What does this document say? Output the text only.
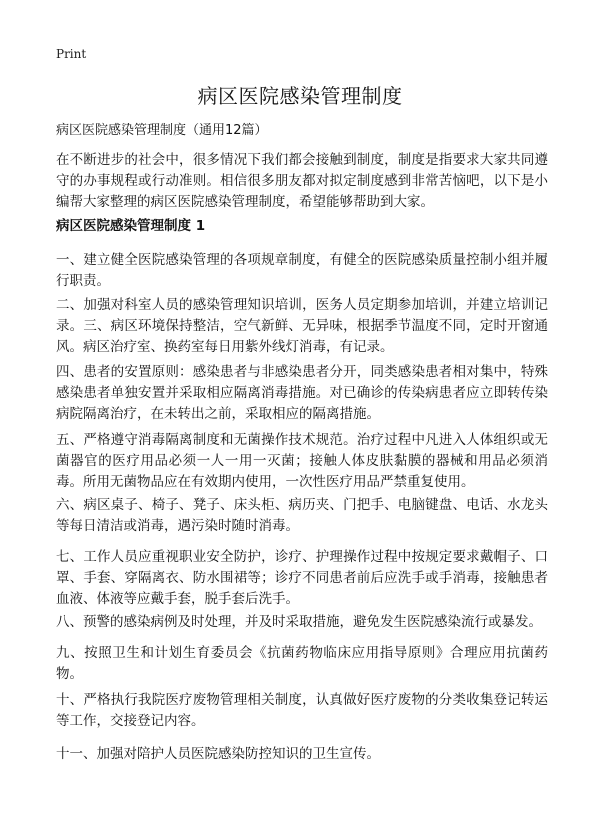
Print
病区医院感染管理制度
病区医院感染管理制度（通用12篇）

在不断进步的社会中，很多情况下我们都会接触到制度，制度是指要求大家共同遵守的办事规程或行动准则。相信很多朋友都对拟定制度感到非常苦恼吧，以下是小编帮大家整理的病区医院感染管理制度，希望能够帮助到大家。

病区医院感染管理制度 1

一、建立健全医院感染管理的各项规章制度，有健全的医院感染质量控制小组并履行职责。

二、加强对科室人员的感染管理知识培训，医务人员定期参加培训，并建立培训记录。三、病区环境保持整洁，空气新鲜、无异味，根据季节温度不同，定时开窗通风。病区治疗室、换药室每日用紫外线灯消毒，有记录。

四、患者的安置原则：感染患者与非感染患者分开，同类感染患者相对集中，特殊感染患者单独安置并采取相应隔离消毒措施。对已确诊的传染病患者应立即转传染病院隔离治疗，在未转出之前，采取相应的隔离措施。

五、严格遵守消毒隔离制度和无菌操作技术规范。治疗过程中凡进入人体组织或无菌器官的医疗用品必须一人一用一灭菌；接触人体皮肤黏膜的器械和用品必须消毒。所用无菌物品应在有效期内使用，一次性医疗用品严禁重复使用。

六、病区桌子、椅子、凳子、床头柜、病历夹、门把手、电脑键盘、电话、水龙头等每日清洁或消毒，遇污染时随时消毒。

七、工作人员应重视职业安全防护，诊疗、护理操作过程中按规定要求戴帽子、口罩、手套、穿隔离衣、防水围裙等；诊疗不同患者前后应洗手或手消毒，接触患者血液、体液等应戴手套，脱手套后洗手。

八、预警的感染病例及时处理，并及时采取措施，避免发生医院感染流行或暴发。

九、按照卫生和计划生育委员会《抗菌药物临床应用指导原则》合理应用抗菌药物。

十、严格执行我院医疗废物管理相关制度，认真做好医疗废物的分类收集登记转运等工作，交接登记内容。

十一、加强对陪护人员医院感染防控知识的卫生宣传。
